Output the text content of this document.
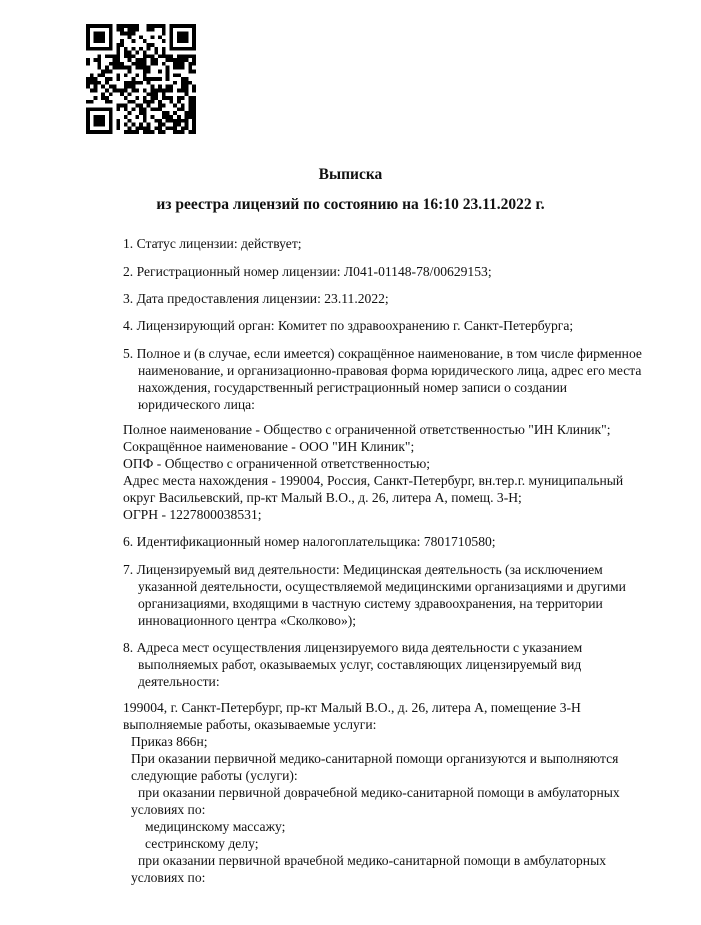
Выписка
из реестра лицензий по состоянию на 16:10 23.11.2022 г.
1. Статус лицензии: действует;
2. Регистрационный номер лицензии: Л041-01148-78/00629153;
3. Дата предоставления лицензии: 23.11.2022;
4. Лицензирующий орган: Комитет по здравоохранению г. Санкт-Петербурга;
5. Полное и (в случае, если имеется) сокращённое наименование, в том числе фирменное
наименование, и организационно-правовая форма юридического лица, адрес его места
нахождения, государственный регистрационный номер записи о создании
юридического лица:
Полное наименование - Общество с ограниченной ответственностью "ИН Клиник";
Сокращённое наименование - ООО "ИН Клиник";
ОПФ - Общество с ограниченной ответственностью;
Адрес места нахождения - 199004, Россия, Санкт-Петербург, вн.тер.г. муниципальный
округ Васильевский, пр-кт Малый В.О., д. 26, литера А, помещ. 3-Н;
ОГРН - 1227800038531;
6. Идентификационный номер налогоплательщика: 7801710580;
7. Лицензируемый вид деятельности: Медицинская деятельность (за исключением
указанной деятельности, осуществляемой медицинскими организациями и другими
организациями, входящими в частную систему здравоохранения, на территории
инновационного центра «Сколково»);
8. Адреса мест осуществления лицензируемого вида деятельности с указанием
выполняемых работ, оказываемых услуг, составляющих лицензируемый вид
деятельности:
199004, г. Санкт-Петербург, пр-кт Малый В.О., д. 26, литера А, помещение 3-Н
выполняемые работы, оказываемые услуги:
Приказ 866н;
При оказании первичной медико-санитарной помощи организуются и выполняются
следующие работы (услуги):
при оказании первичной доврачебной медико-санитарной помощи в амбулаторных
условиях по:
медицинскому массажу;
сестринскому делу;
при оказании первичной врачебной медико-санитарной помощи в амбулаторных
условиях по:
